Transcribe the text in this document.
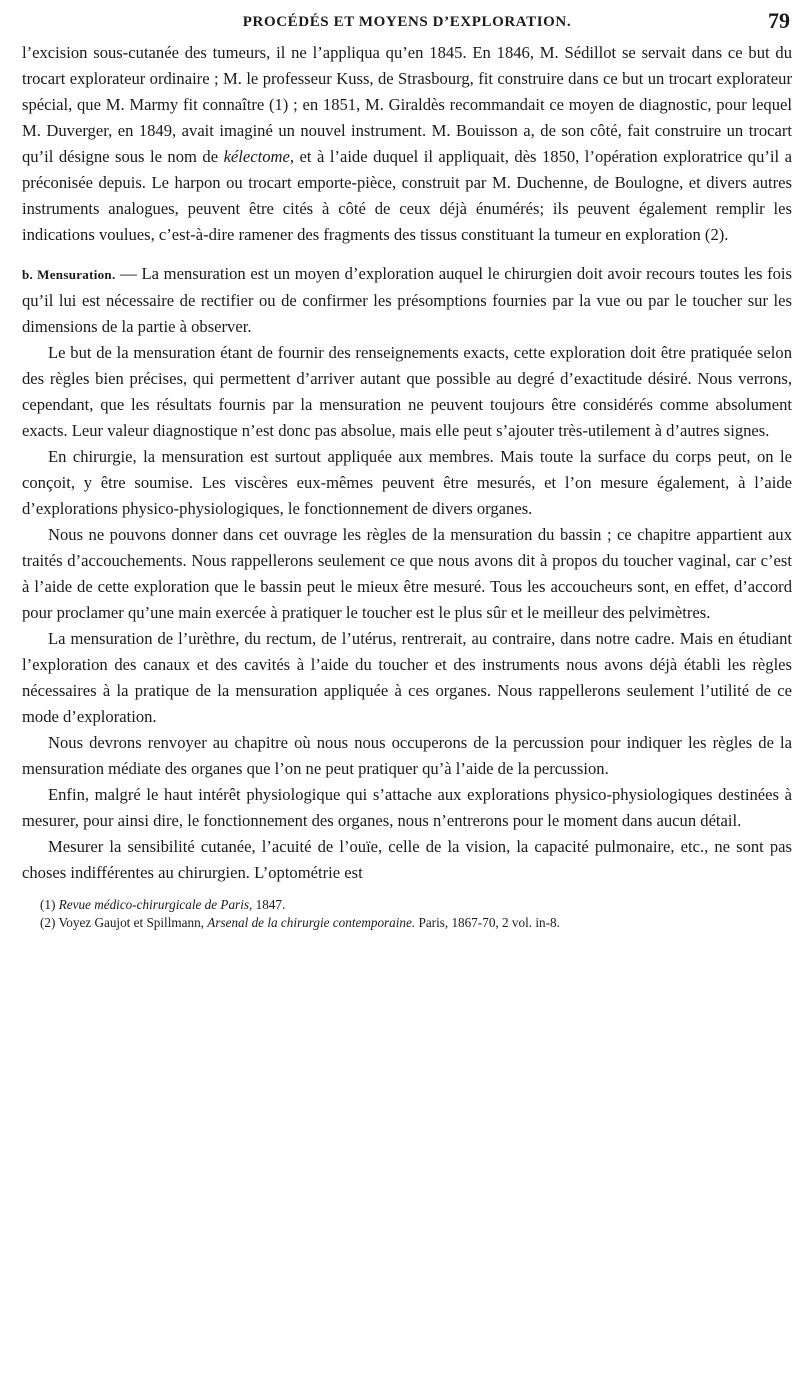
PROCÉDÉS ET MOYENS D’EXPLORATION.	79

l’excision sous-cutanée des tumeurs, il ne l’appliqua qu’en 1845. En 1846, M. Sédillot se servait dans ce but du trocart explorateur ordinaire ; M. le professeur Kuss, de Strasbourg, fit construire dans ce but un trocart explorateur spécial, que M. Marmy fit connaître (1) ; en 1851, M. Giraldès recommandait ce moyen de diagnostic, pour lequel M. Duverger, en 1849, avait imaginé un nouvel instrument. M. Bouisson a, de son côté, fait construire un trocart qu’il désigne sous le nom de kélectome, et à l’aide duquel il appliquait, dès 1850, l’opération exploratrice qu’il a préconisée depuis. Le harpon ou trocart emporte-pièce, construit par M. Duchenne, de Boulogne, et divers autres instruments analogues, peuvent être cités à côté de ceux déjà énumérés; ils peuvent également remplir les indications voulues, c’est-à-dire ramener des fragments des tissus constituant la tumeur en exploration (2).

b. Mensuration. — La mensuration est un moyen d’exploration auquel le chirurgien doit avoir recours toutes les fois qu’il lui est nécessaire de rectifier ou de confirmer les présomptions fournies par la vue ou par le toucher sur les dimensions de la partie à observer.

Le but de la mensuration étant de fournir des renseignements exacts, cette exploration doit être pratiquée selon des règles bien précises, qui permettent d’arriver autant que possible au degré d’exactitude désiré. Nous verrons, cependant, que les résultats fournis par la mensuration ne peuvent toujours être considérés comme absolument exacts. Leur valeur diagnostique n’est donc pas absolue, mais elle peut s’ajouter très-utilement à d’autres signes.

En chirurgie, la mensuration est surtout appliquée aux membres. Mais toute la surface du corps peut, on le conçoit, y être soumise. Les viscères eux-mêmes peuvent être mesurés, et l’on mesure également, à l’aide d’explorations physico-physiologiques, le fonctionnement de divers organes.

Nous ne pouvons donner dans cet ouvrage les règles de la mensuration du bassin ; ce chapitre appartient aux traités d’accouchements. Nous rappellerons seulement ce que nous avons dit à propos du toucher vaginal, car c’est à l’aide de cette exploration que le bassin peut le mieux être mesuré. Tous les accoucheurs sont, en effet, d’accord pour proclamer qu’une main exercée à pratiquer le toucher est le plus sûr et le meilleur des pelvimètres.

La mensuration de l’urèthre, du rectum, de l’utérus, rentrerait, au contraire, dans notre cadre. Mais en étudiant l’exploration des canaux et des cavités à l’aide du toucher et des instruments nous avons déjà établi les règles nécessaires à la pratique de la mensuration appliquée à ces organes. Nous rappellerons seulement l’utilité de ce mode d’exploration.

Nous devrons renvoyer au chapitre où nous nous occuperons de la percussion pour indiquer les règles de la mensuration médiate des organes que l’on ne peut pratiquer qu’à l’aide de la percussion.

Enfin, malgré le haut intérêt physiologique qui s’attache aux explorations physico-physiologiques destinées à mesurer, pour ainsi dire, le fonctionnement des organes, nous n’entrerons pour le moment dans aucun détail.

Mesurer la sensibilité cutanée, l’acuité de l’ouïe, celle de la vision, la capacité pulmonaire, etc., ne sont pas choses indifférentes au chirurgien. L’optométrie est

(1) Revue médico-chirurgicale de Paris, 1847.

(2) Voyez Gaujot et Spillmann, Arsenal de la chirurgie contemporaine. Paris, 1867-70, 2 vol. in-8.
